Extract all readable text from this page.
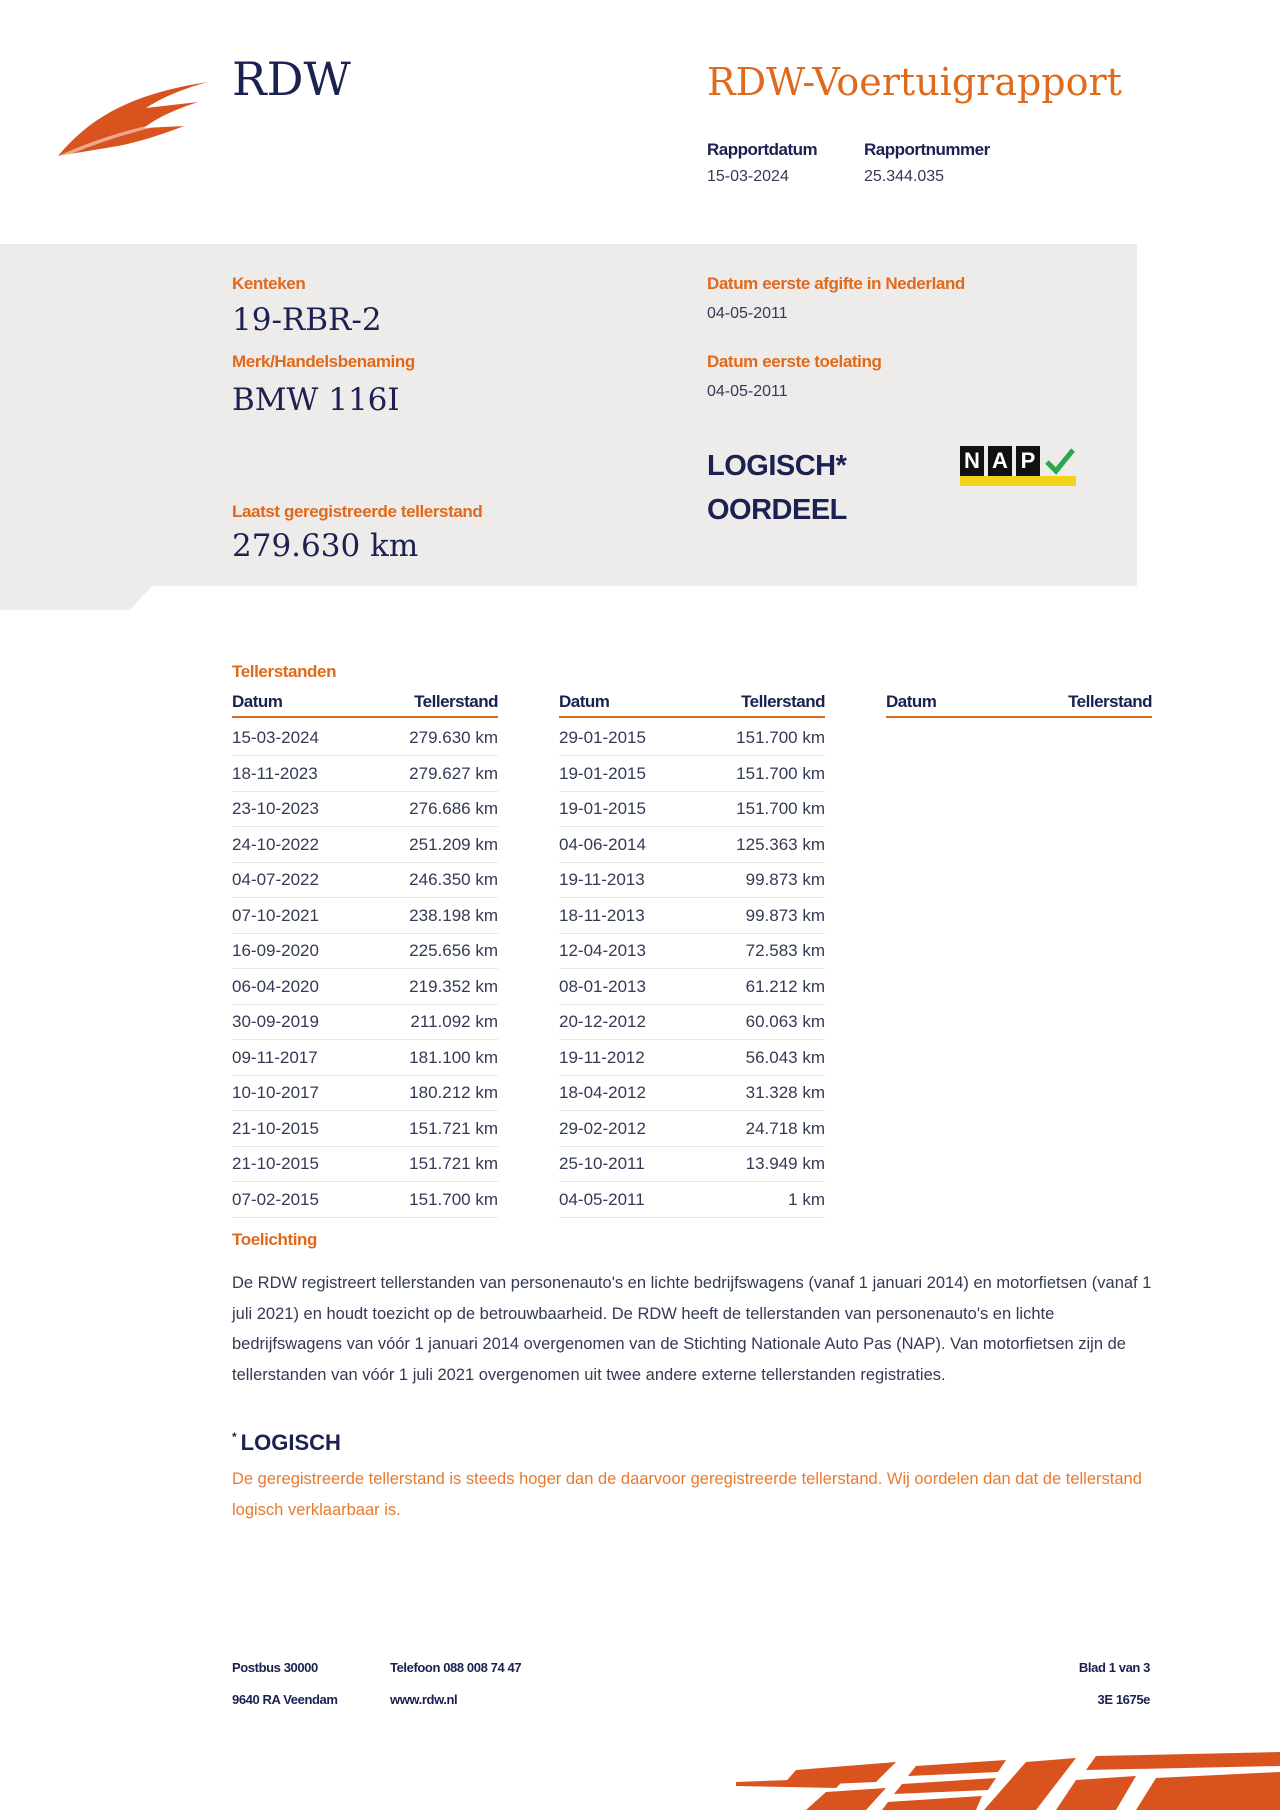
RDW	RDW-Voertuigrapport
Rapportdatum
15-03-2024
Rapportnummer
25.344.035
Kenteken
19-RBR-2
Merk/Handelsbenaming
BMW 116I
Laatst geregistreerde tellerstand
279.630 km
Datum eerste afgifte in Nederland
04-05-2011
Datum eerste toelating
04-05-2011
LOGISCH*
OORDEEL
N A P
Tellerstanden
Datum	Tellerstand	Datum	Tellerstand	Datum	Tellerstand
15-03-2024	279.630 km
18-11-2023	279.627 km
23-10-2023	276.686 km
24-10-2022	251.209 km
04-07-2022	246.350 km
07-10-2021	238.198 km
16-09-2020	225.656 km
06-04-2020	219.352 km
30-09-2019	211.092 km
09-11-2017	181.100 km
10-10-2017	180.212 km
21-10-2015	151.721 km
21-10-2015	151.721 km
07-02-2015	151.700 km
29-01-2015	151.700 km
19-01-2015	151.700 km
19-01-2015	151.700 km
04-06-2014	125.363 km
19-11-2013	99.873 km
18-11-2013	99.873 km
12-04-2013	72.583 km
08-01-2013	61.212 km
20-12-2012	60.063 km
19-11-2012	56.043 km
18-04-2012	31.328 km
29-02-2012	24.718 km
25-10-2011	13.949 km
04-05-2011	1 km
Toelichting
De RDW registreert tellerstanden van personenauto's en lichte bedrijfswagens (vanaf 1 januari 2014) en motorfietsen (vanaf 1 juli 2021) en houdt toezicht op de betrouwbaarheid. De RDW heeft de tellerstanden van personenauto's en lichte bedrijfswagens van vóór 1 januari 2014 overgenomen van de Stichting Nationale Auto Pas (NAP). Van motorfietsen zijn de tellerstanden van vóór 1 juli 2021 overgenomen uit twee andere externe tellerstanden registraties.
* LOGISCH
De geregistreerde tellerstand is steeds hoger dan de daarvoor geregistreerde tellerstand. Wij oordelen dan dat de tellerstand logisch verklaarbaar is.
Postbus 30000
9640 RA Veendam
Telefoon 088 008 74 47
www.rdw.nl
Blad 1 van 3
3E 1675e
